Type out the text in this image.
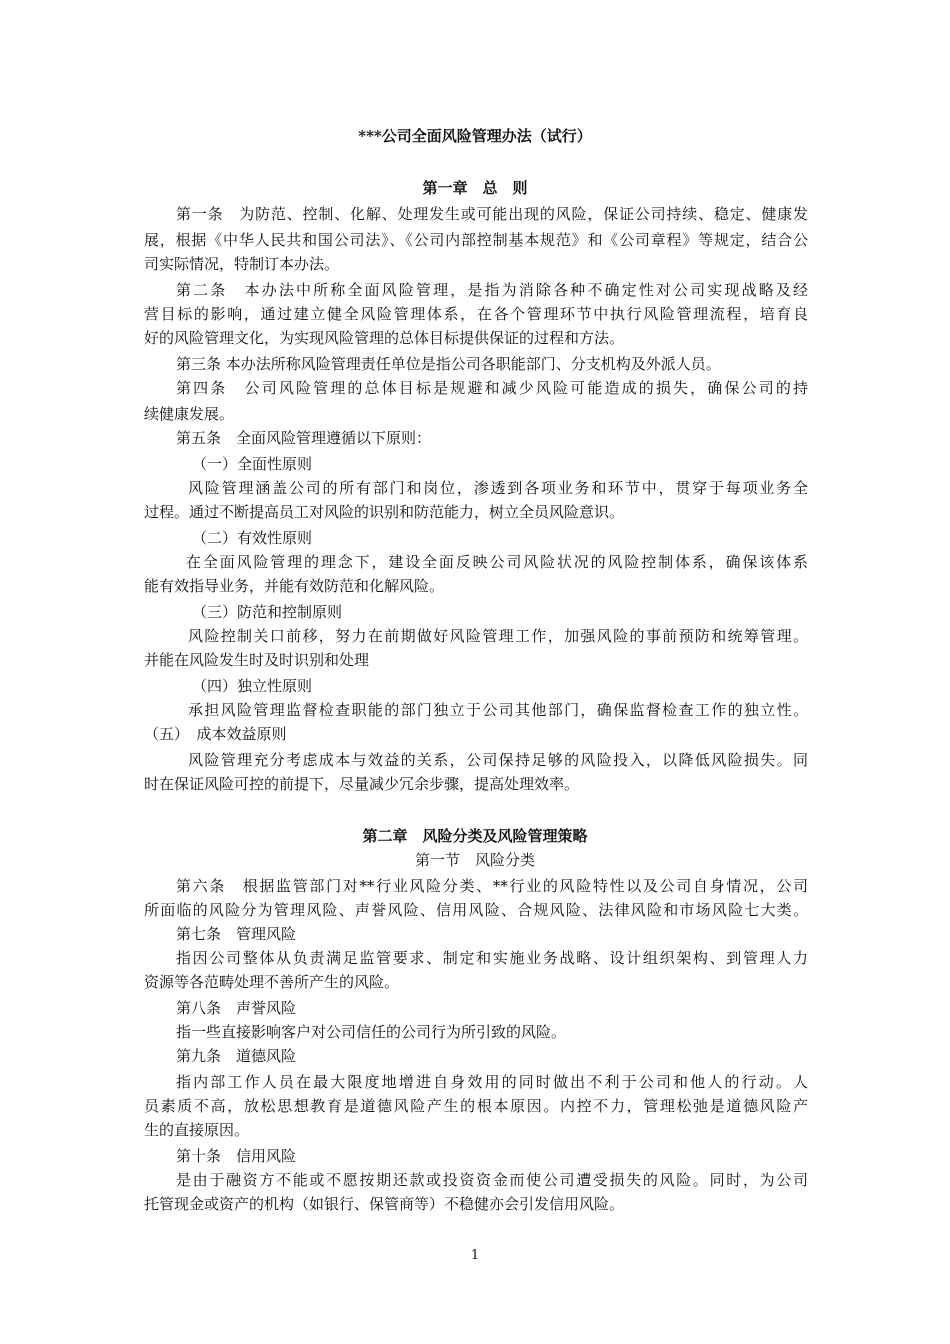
***公司全面风险管理办法（试行）
第一章　总　则
第一条　为防范、控制、化解、处理发生或可能出现的风险，保证公司持续、稳定、健康发
展，根据《中华人民共和国公司法》、《公司内部控制基本规范》和《公司章程》等规定，结合公
司实际情况，特制订本办法。
第二条　本办法中所称全面风险管理，是指为消除各种不确定性对公司实现战略及经
营目标的影响，通过建立健全风险管理体系，在各个管理环节中执行风险管理流程，培育良
好的风险管理文化，为实现风险管理的总体目标提供保证的过程和方法。
第三条 本办法所称风险管理责任单位是指公司各职能部门、分支机构及外派人员。
第四条　公司风险管理的总体目标是规避和减少风险可能造成的损失，确保公司的持
续健康发展。
第五条　全面风险管理遵循以下原则：
（一）全面性原则
风险管理涵盖公司的所有部门和岗位，渗透到各项业务和环节中，贯穿于每项业务全
过程。通过不断提高员工对风险的识别和防范能力，树立全员风险意识。
（二）有效性原则
在全面风险管理的理念下，建设全面反映公司风险状况的风险控制体系，确保该体系
能有效指导业务，并能有效防范和化解风险。
（三）防范和控制原则
风险控制关口前移，努力在前期做好风险管理工作，加强风险的事前预防和统筹管理。
并能在风险发生时及时识别和处理
（四）独立性原则
承担风险管理监督检查职能的部门独立于公司其他部门，确保监督检查工作的独立性。
（五）　成本效益原则
风险管理充分考虑成本与效益的关系，公司保持足够的风险投入，以降低风险损失。同
时在保证风险可控的前提下，尽量减少冗余步骤，提高处理效率。
第二章　风险分类及风险管理策略
第一节　风险分类
第六条　根据监管部门对**行业风险分类、**行业的风险特性以及公司自身情况，公司
所面临的风险分为管理风险、声誉风险、信用风险、合规风险、法律风险和市场风险七大类。
第七条　管理风险
指因公司整体从负责满足监管要求、制定和实施业务战略、设计组织架构、到管理人力
资源等各范畴处理不善所产生的风险。
第八条　声誉风险
指一些直接影响客户对公司信任的公司行为所引致的风险。
第九条　道德风险
指内部工作人员在最大限度地增进自身效用的同时做出不利于公司和他人的行动。人
员素质不高，放松思想教育是道德风险产生的根本原因。内控不力，管理松弛是道德风险产
生的直接原因。
第十条　信用风险
是由于融资方不能或不愿按期还款或投资资金而使公司遭受损失的风险。同时，为公司
托管现金或资产的机构（如银行、保管商等）不稳健亦会引发信用风险。
1
